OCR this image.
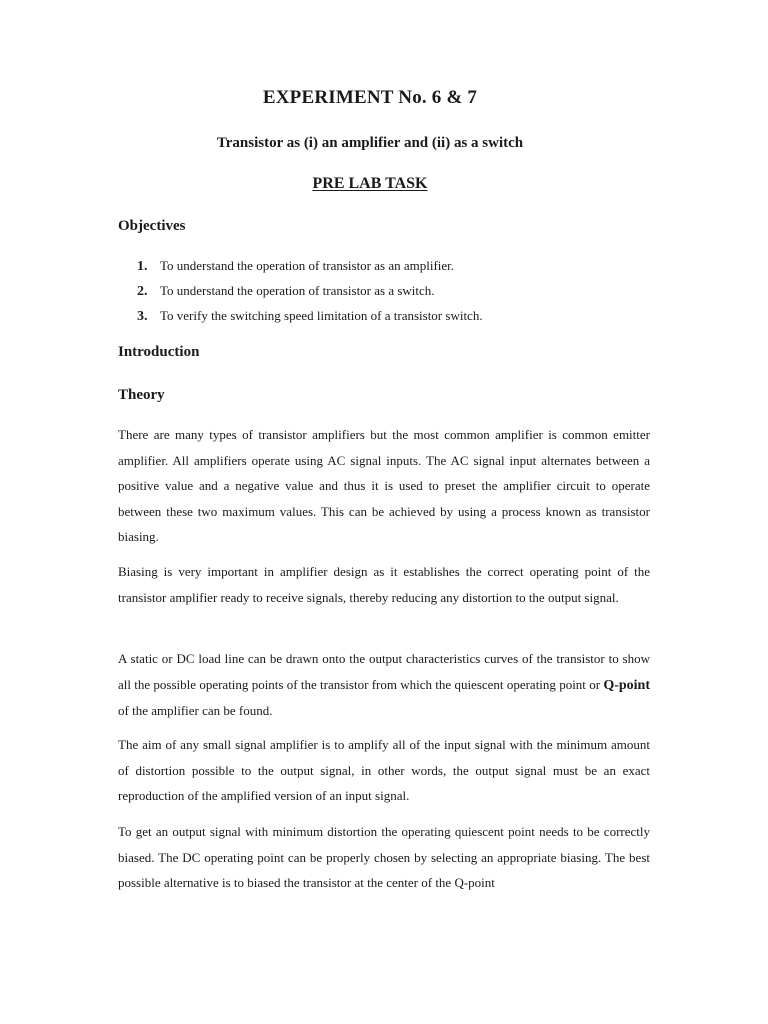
EXPERIMENT No. 6 & 7
Transistor as (i) an amplifier and (ii) as a switch
PRE LAB TASK
Objectives
1. To understand the operation of transistor as an amplifier.
2. To understand the operation of transistor as a switch.
3. To verify the switching speed limitation of a transistor switch.
Introduction
Theory

There are many types of transistor amplifiers but the most common amplifier is common emitter amplifier. All amplifiers operate using AC signal inputs. The AC signal input alternates between a positive value and a negative value and thus it is used to preset the amplifier circuit to operate between these two maximum values. This can be achieved by using a process known as transistor biasing.

Biasing is very important in amplifier design as it establishes the correct operating point of the transistor amplifier ready to receive signals, thereby reducing any distortion to the output signal.

A static or DC load line can be drawn onto the output characteristics curves of the transistor to show all the possible operating points of the transistor from which the quiescent operating point or Q-point of the amplifier can be found.

The aim of any small signal amplifier is to amplify all of the input signal with the minimum amount of distortion possible to the output signal, in other words, the output signal must be an exact reproduction of the amplified version of an input signal.

To get an output signal with minimum distortion the operating quiescent point needs to be correctly biased. The DC operating point can be properly chosen by selecting an appropriate biasing. The best possible alternative is to biased the transistor at the center of the Q-point
